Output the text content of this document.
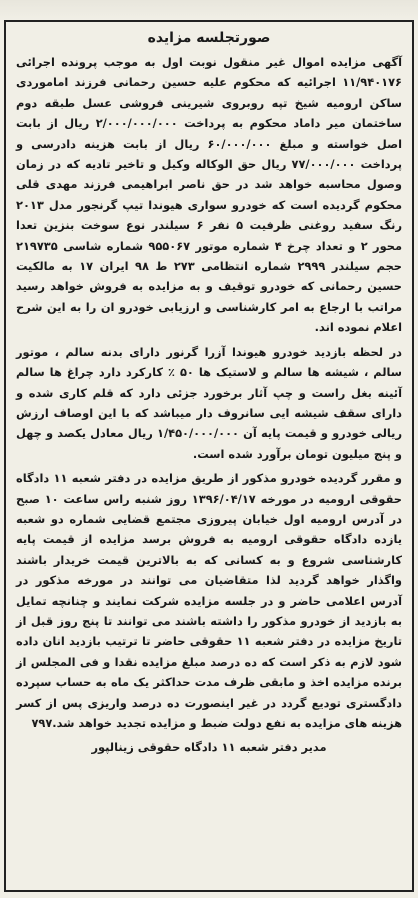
صورتجلسه مزایده

آگهی مزایده اموال غیر منقول نوبت اول به موجب پرونده اجرائی ۱۱/۹۴۰۱۷۶ اجرائیه که محکوم علیه حسین رحمانی فرزند اماموردی ساکن ارومیه شیخ تپه روبروی شیرینی فروشی عسل طبقه دوم ساختمان میر داماد محکوم به پرداخت ۲/۰۰۰/۰۰۰/۰۰۰ ریال از بابت اصل خواسته و مبلغ ۶۰/۰۰۰/۰۰۰ ریال از بابت هزینه دادرسی و پرداخت ۷۷/۰۰۰/۰۰۰ ریال حق الوکاله وکیل و تاخیر تادیه که در زمان وصول محاسبه خواهد شد در حق ناصر ابراهیمی فرزند مهدی قلی محکوم گردیده است که خودرو سواری هیوندا تیپ گرنجور مدل ۲۰۱۳ رنگ سفید روغنی ظرفیت ۵ نفر ۶ سیلندر نوع سوخت بنزین تعدا محور ۲ و تعداد چرخ ۴ شماره موتور ۹۵۵۰۶۷ شماره شاسی ۲۱۹۷۳۵ حجم سیلندر ۲۹۹۹ شماره انتظامی ۲۷۳ ط ۹۸ ایران ۱۷ به مالکیت حسین رحمانی که خودرو توقیف و به مزایده به فروش خواهد رسید مراتب با ارجاع به امر کارشناسی و ارزیابی خودرو ان را به این شرح اعلام نموده اند.

در لحظه بازدید خودرو هیوندا آزرا گرنور دارای بدنه سالم ، موتور سالم ، شیشه ها سالم و لاستیک ها ۵۰ ٪ کارکرد دارد چراغ ها سالم آئینه بغل راست و چپ آثار برخورد جزئی دارد که قلم کاری شده و دارای سقف شیشه ایی سانروف دار میباشد که با این اوصاف ارزش ریالی خودرو و قیمت پایه آن ۱/۴۵۰/۰۰۰/۰۰۰ ریال معادل یکصد و چهل و پنج میلیون تومان برآورد شده است.

و مقرر گردیده خودرو مذکور از طریق مزایده در دفتر شعبه ۱۱ دادگاه حقوقی ارومیه در مورخه ۱۳۹۶/۰۴/۱۷ روز شنبه راس ساعت ۱۰ صبح در آدرس ارومیه اول خیابان پیروزی مجتمع قضایی شماره دو شعبه یازده دادگاه حقوقی ارومیه به فروش برسد مزایده از قیمت پایه کارشناسی شروع و به کسانی که به بالاترین قیمت خریدار باشند واگذار خواهد گردید لذا متقاضیان می توانند در مورخه مذکور در آدرس اعلامی حاضر و در جلسه مزایده شرکت نمایند و چنانچه تمایل به بازدید از خودرو مذکور را داشته باشند می توانند تا پنج روز قبل از تاریخ مزایده در دفتر شعبه ۱۱ حقوقی حاضر تا ترتیب بازدید انان داده شود لازم به ذکر است که ده درصد مبلغ مزایده نقدا و فی المجلس از برنده مزایده اخذ و مابقی ظرف مدت حداکثر یک ماه به حساب سپرده دادگستری تودیع گردد در غیر اینصورت ده درصد واریزی پس از کسر هزینه های مزایده به نفع دولت ضبط و مزایده تجدید خواهد شد.۷۹۷

مدیر دفتر شعبه ۱۱ دادگاه حقوقی زینالپور
